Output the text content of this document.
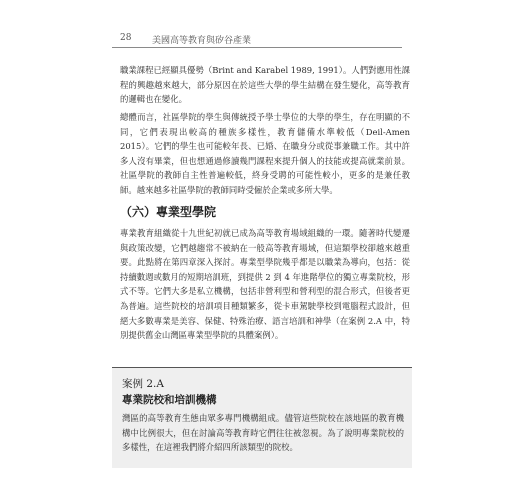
28 美國高等教育與矽谷產業

職業課程已經顯具優勢（Brint and Karabel 1989, 1991）。人們對應用性課程的興趣越來越大，部分原因在於這些大學的學生結構在發生變化，高等教育的邏輯也在變化。

總體而言，社區學院的學生與傳統授予學士學位的大學的學生，存在明顯的不同，它們表現出較高的種族多樣性，教育儲備水準較低（Deil-Amen 2015）。它們的學生也可能較年長、已婚、在職身分或從事兼職工作。其中許多人沒有畢業，但也想通過修讀幾門課程來提升個人的技能或提高就業前景。社區學院的教師自主性普遍較低，終身受聘的可能性較小，更多的是兼任教師。越來越多社區學院的教師同時受僱於企業或多所大學。

（六）專業型學院

專業教育組織從十九世紀初就已成為高等教育場域組織的一環。隨著時代變遷與政策改變，它們越趨常不被納在一般高等教育場域，但這類學校卻越來越重要。此點將在第四章深入探討。專業型學院幾乎都是以職業為導向，包括：從持續數週或數月的短期培訓班，到提供 2 到 4 年進階學位的獨立專業院校，形式不等。它們大多是私立機構，包括非營利型和營利型的混合形式，但後者更為普遍。這些院校的培訓項目種類繁多，從卡車駕駛學校到電腦程式設計，但絕大多數專業是美容、保健、特殊治療、語言培訓和神學（在案例 2.A 中，特別提供舊金山灣區專業型學院的具體案例）。

案例 2.A
專業院校和培訓機構
灣區的高等教育生態由眾多專門機構組成。儘管這些院校在該地區的教育機構中比例很大，但在討論高等教育時它們往往被忽視。為了說明專業院校的多樣性，在這裡我們將介紹四所該類型的院校。
